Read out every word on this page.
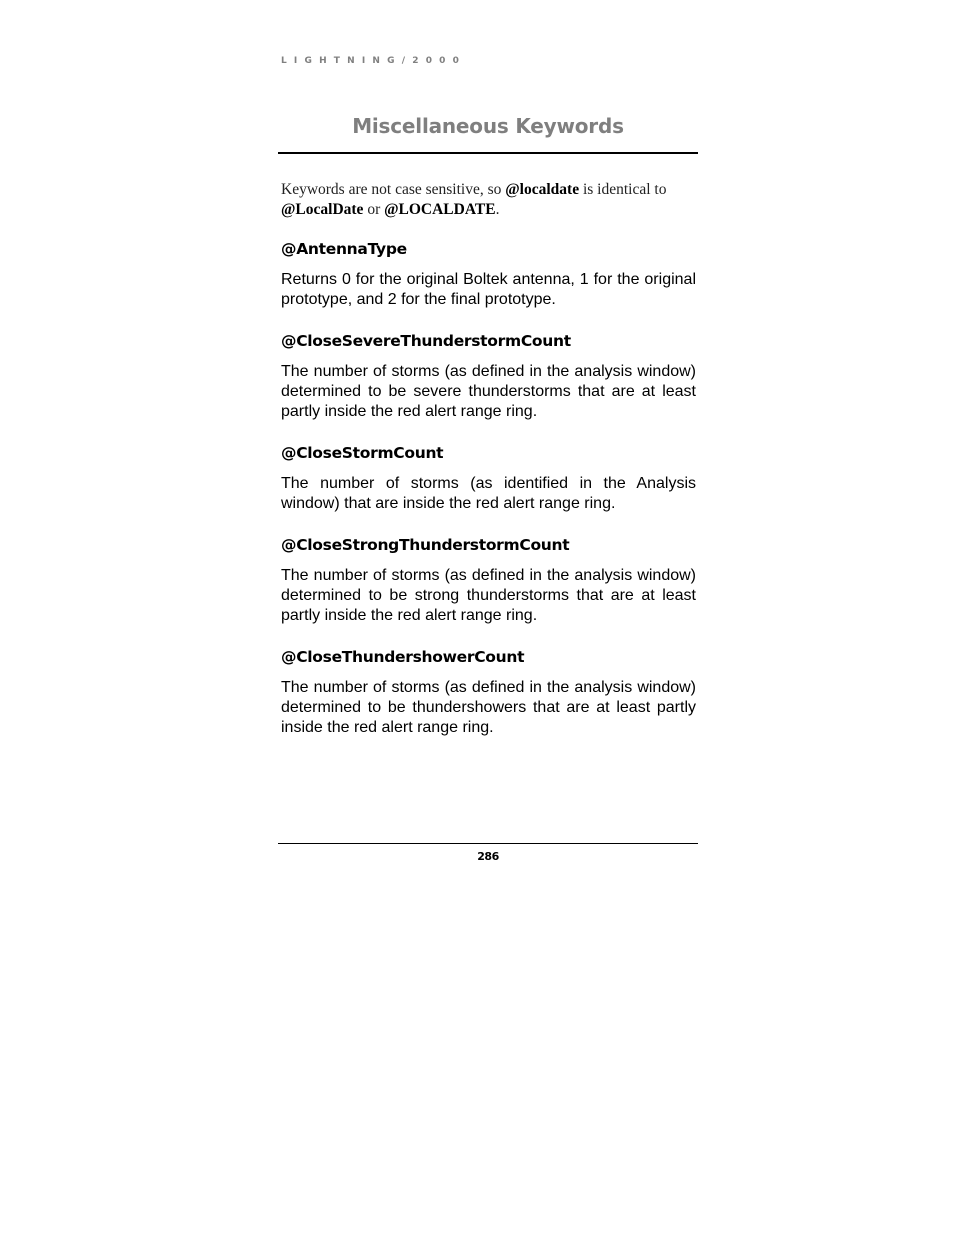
LIGHTNING/2000
Miscellaneous Keywords

Keywords are not case sensitive, so @localdate is identical to @LocalDate or @LOCALDATE.

@AntennaType

Returns 0 for the original Boltek antenna, 1 for the original prototype, and 2 for the final prototype.

@CloseSevereThunderstormCount

The number of storms (as defined in the analysis window) determined to be severe thunderstorms that are at least partly inside the red alert range ring.

@CloseStormCount

The number of storms (as identified in the Analysis window) that are inside the red alert range ring.

@CloseStrongThunderstormCount

The number of storms (as defined in the analysis window) determined to be strong thunderstorms that are at least partly inside the red alert range ring.

@CloseThundershowerCount

The number of storms (as defined in the analysis window) determined to be thundershowers that are at least partly inside the red alert range ring.

286
